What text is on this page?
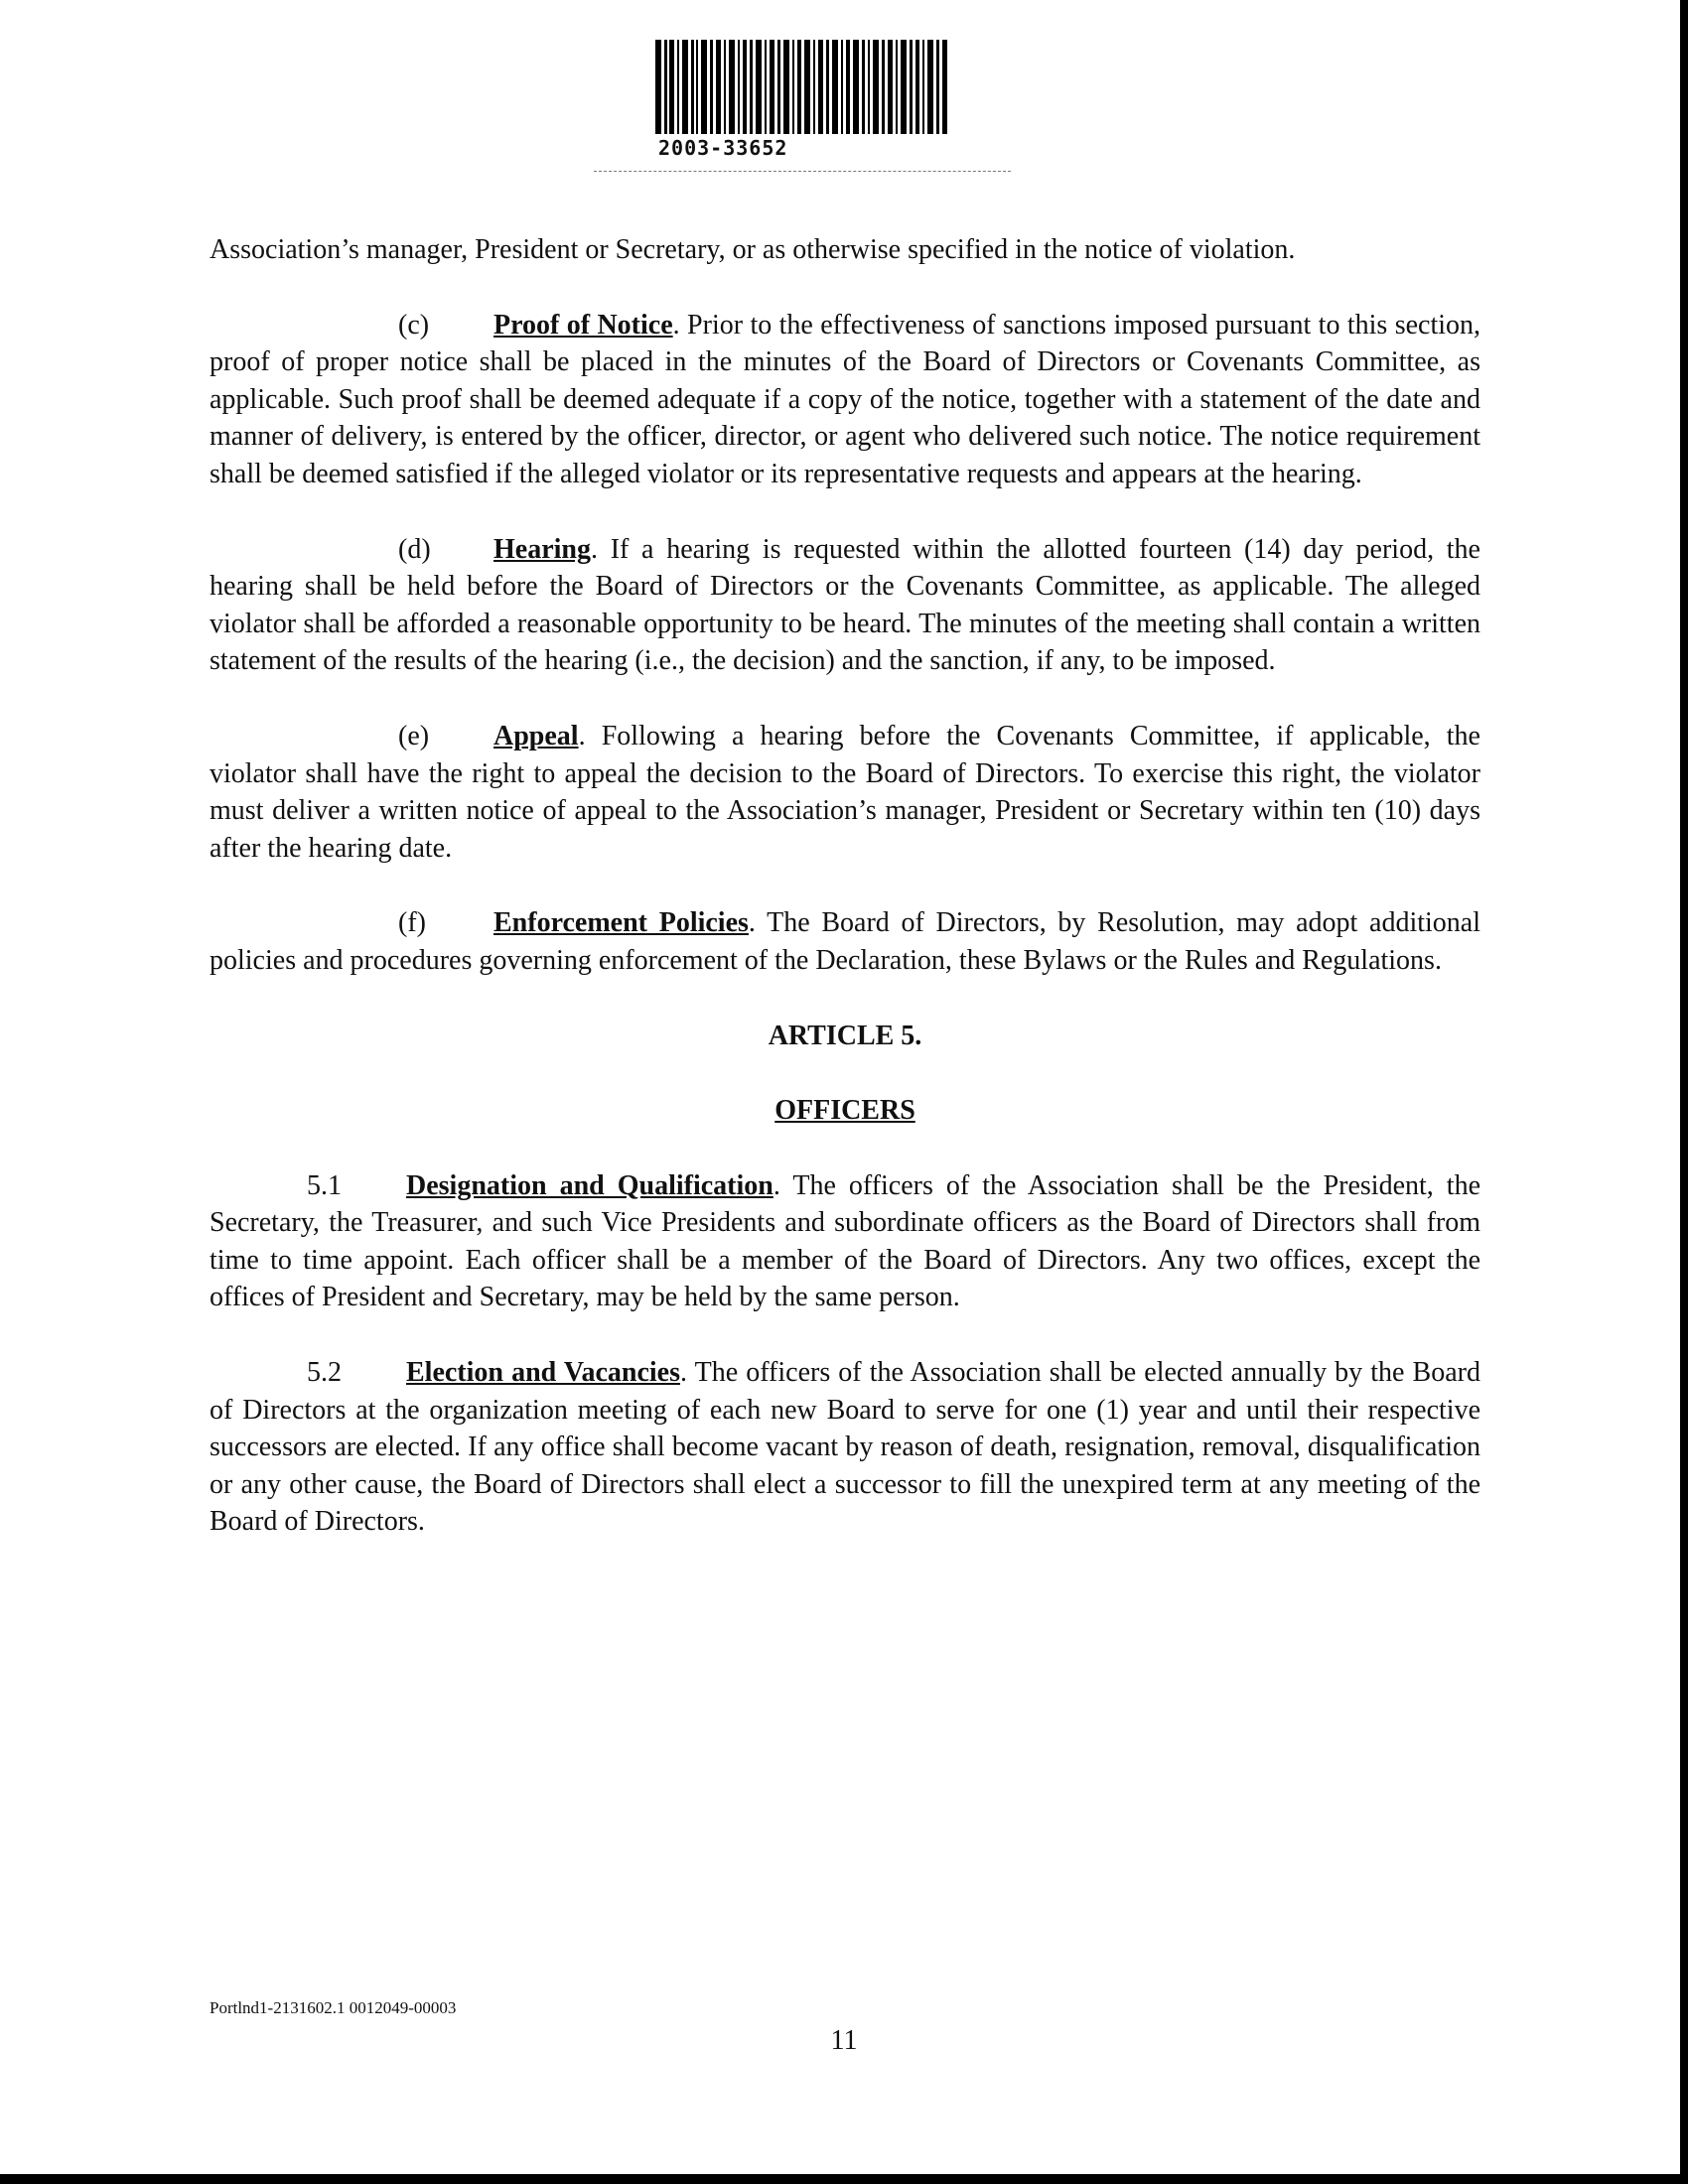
2003-33652

Association’s manager, President or Secretary, or as otherwise specified in the notice of violation.

(c) Proof of Notice. Prior to the effectiveness of sanctions imposed pursuant to this section, proof of proper notice shall be placed in the minutes of the Board of Directors or Covenants Committee, as applicable. Such proof shall be deemed adequate if a copy of the notice, together with a statement of the date and manner of delivery, is entered by the officer, director, or agent who delivered such notice. The notice requirement shall be deemed satisfied if the alleged violator or its representative requests and appears at the hearing.

(d) Hearing. If a hearing is requested within the allotted fourteen (14) day period, the hearing shall be held before the Board of Directors or the Covenants Committee, as applicable. The alleged violator shall be afforded a reasonable opportunity to be heard. The minutes of the meeting shall contain a written statement of the results of the hearing (i.e., the decision) and the sanction, if any, to be imposed.

(e) Appeal. Following a hearing before the Covenants Committee, if applicable, the violator shall have the right to appeal the decision to the Board of Directors. To exercise this right, the violator must deliver a written notice of appeal to the Association’s manager, President or Secretary within ten (10) days after the hearing date.

(f) Enforcement Policies. The Board of Directors, by Resolution, may adopt additional policies and procedures governing enforcement of the Declaration, these Bylaws or the Rules and Regulations.

ARTICLE 5.

OFFICERS

5.1 Designation and Qualification. The officers of the Association shall be the President, the Secretary, the Treasurer, and such Vice Presidents and subordinate officers as the Board of Directors shall from time to time appoint. Each officer shall be a member of the Board of Directors. Any two offices, except the offices of President and Secretary, may be held by the same person.

5.2 Election and Vacancies. The officers of the Association shall be elected annually by the Board of Directors at the organization meeting of each new Board to serve for one (1) year and until their respective successors are elected. If any office shall become vacant by reason of death, resignation, removal, disqualification or any other cause, the Board of Directors shall elect a successor to fill the unexpired term at any meeting of the Board of Directors.

Portlnd1-2131602.1 0012049-00003
11
